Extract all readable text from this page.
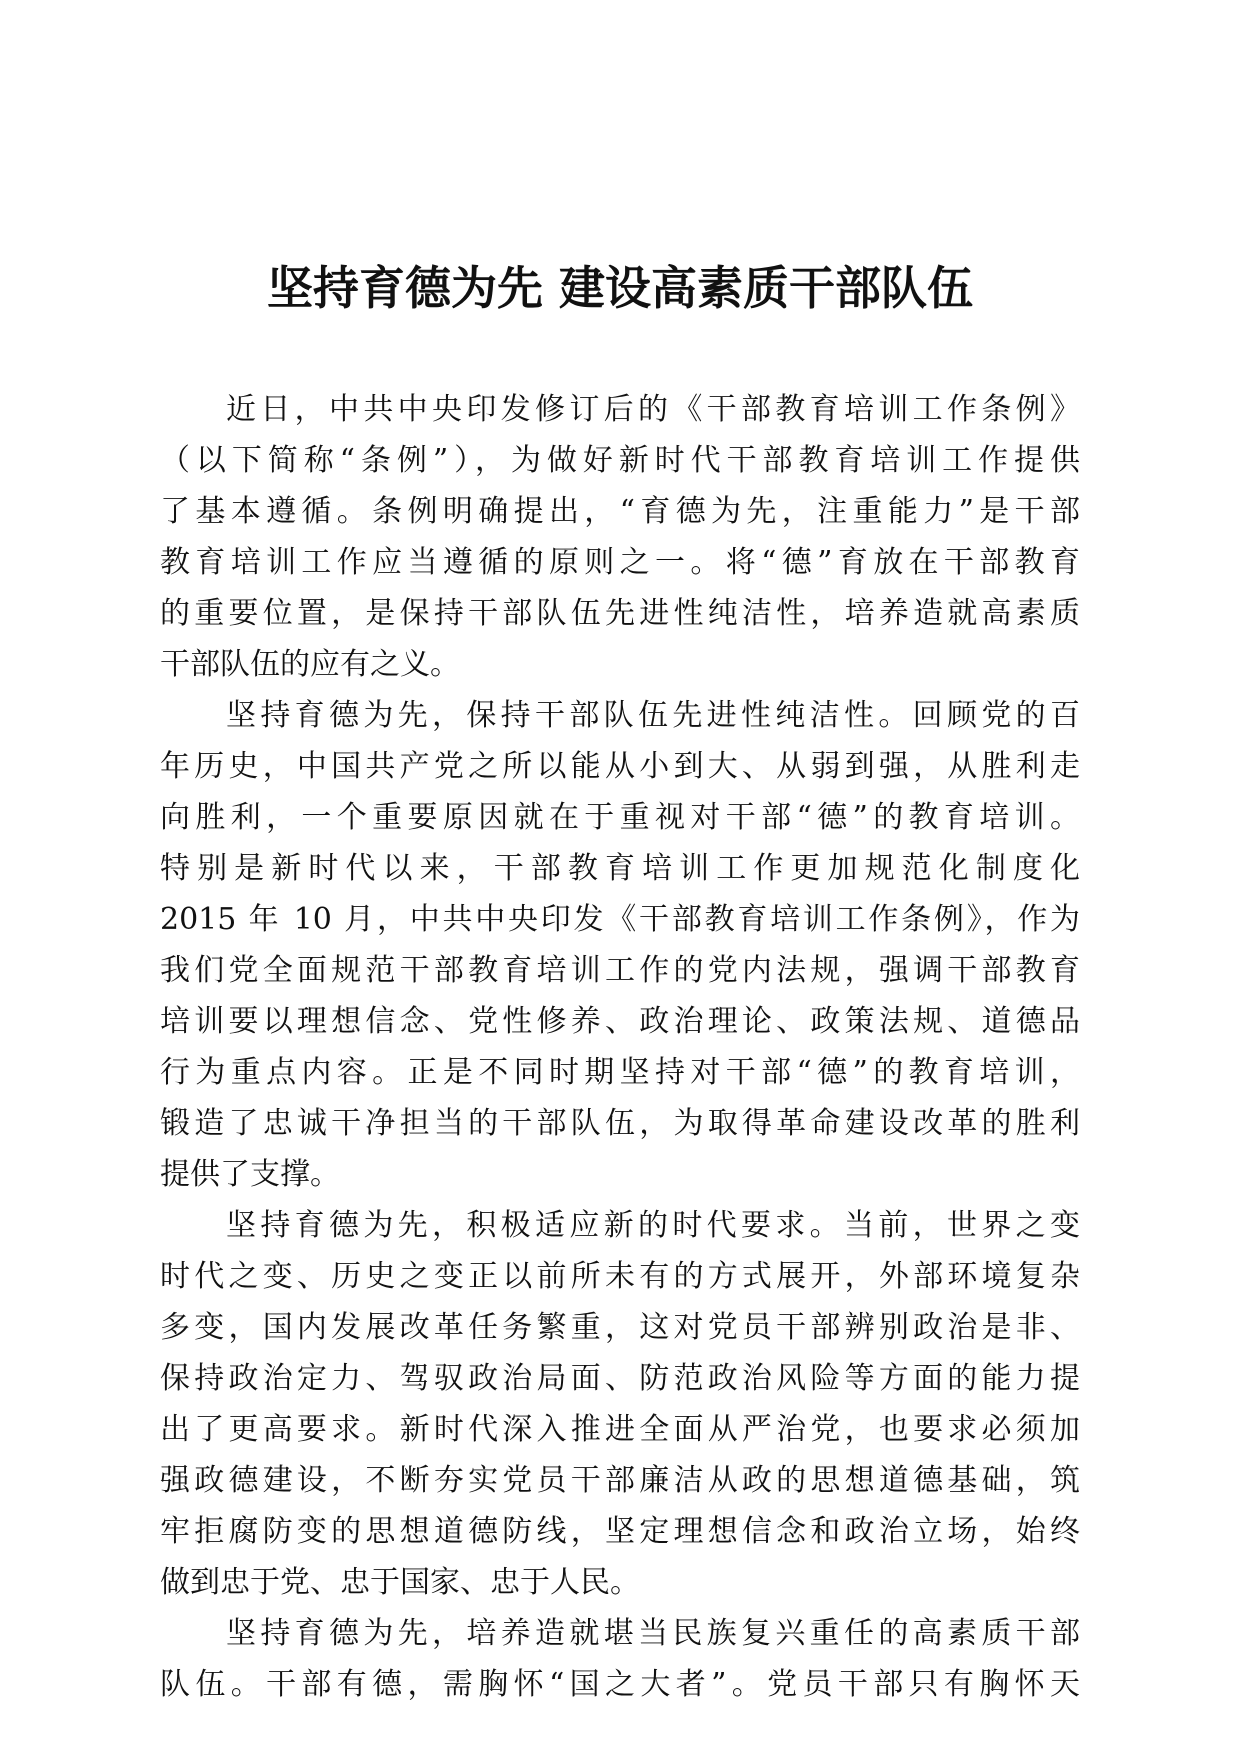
坚持育德为先 建设高素质干部队伍
近日，中共中央印发修订后的《干部教育培训工作条例》
（以下简称“条例”），为做好新时代干部教育培训工作提供
了基本遵循。条例明确提出，“育德为先，注重能力”是干部
教育培训工作应当遵循的原则之一。将“德”育放在干部教育
的重要位置，是保持干部队伍先进性纯洁性，培养造就高素质
干部队伍的应有之义。
坚持育德为先，保持干部队伍先进性纯洁性。回顾党的百
年历史，中国共产党之所以能从小到大、从弱到强，从胜利走
向胜利，一个重要原因就在于重视对干部“德”的教育培训。
特别是新时代以来，干部教育培训工作更加规范化制度化
2015 年 10 月，中共中央印发《干部教育培训工作条例》，作为
我们党全面规范干部教育培训工作的党内法规，强调干部教育
培训要以理想信念、党性修养、政治理论、政策法规、道德品
行为重点内容。正是不同时期坚持对干部“德”的教育培训，
锻造了忠诚干净担当的干部队伍，为取得革命建设改革的胜利
提供了支撑。
坚持育德为先，积极适应新的时代要求。当前，世界之变
时代之变、历史之变正以前所未有的方式展开，外部环境复杂
多变，国内发展改革任务繁重，这对党员干部辨别政治是非、
保持政治定力、驾驭政治局面、防范政治风险等方面的能力提
出了更高要求。新时代深入推进全面从严治党，也要求必须加
强政德建设，不断夯实党员干部廉洁从政的思想道德基础，筑
牢拒腐防变的思想道德防线，坚定理想信念和政治立场，始终
做到忠于党、忠于国家、忠于人民。
坚持育德为先，培养造就堪当民族复兴重任的高素质干部
队伍。干部有德，需胸怀“国之大者”。党员干部只有胸怀天
